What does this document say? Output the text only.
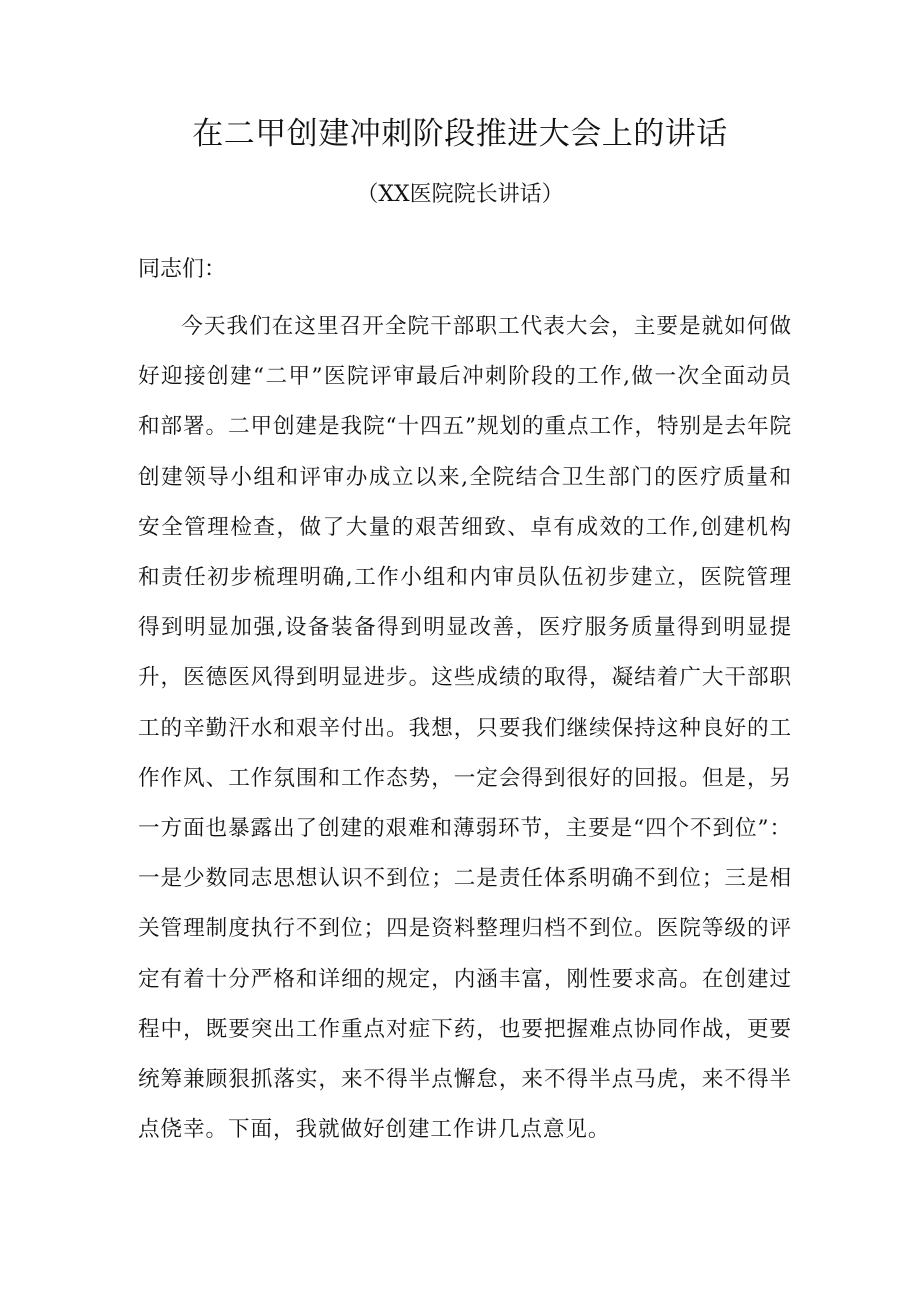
在二甲创建冲刺阶段推进大会上的讲话

（XX医院院长讲话）

同志们：

今天我们在这里召开全院干部职工代表大会，主要是就如何做好迎接创建“二甲”医院评审最后冲刺阶段的工作,做一次全面动员和部署。二甲创建是我院“十四五”规划的重点工作，特别是去年院创建领导小组和评审办成立以来,全院结合卫生部门的医疗质量和安全管理检查，做了大量的艰苦细致、卓有成效的工作,创建机构和责任初步梳理明确,工作小组和内审员队伍初步建立，医院管理得到明显加强,设备装备得到明显改善，医疗服务质量得到明显提升，医德医风得到明显进步。这些成绩的取得，凝结着广大干部职工的辛勤汗水和艰辛付出。我想，只要我们继续保持这种良好的工作作风、工作氛围和工作态势，一定会得到很好的回报。但是，另一方面也暴露出了创建的艰难和薄弱环节，主要是“四个不到位”：一是少数同志思想认识不到位；二是责任体系明确不到位；三是相关管理制度执行不到位；四是资料整理归档不到位。医院等级的评定有着十分严格和详细的规定，内涵丰富，刚性要求高。在创建过程中，既要突出工作重点对症下药，也要把握难点协同作战，更要统筹兼顾狠抓落实，来不得半点懈怠，来不得半点马虎，来不得半点侥幸。下面，我就做好创建工作讲几点意见。
